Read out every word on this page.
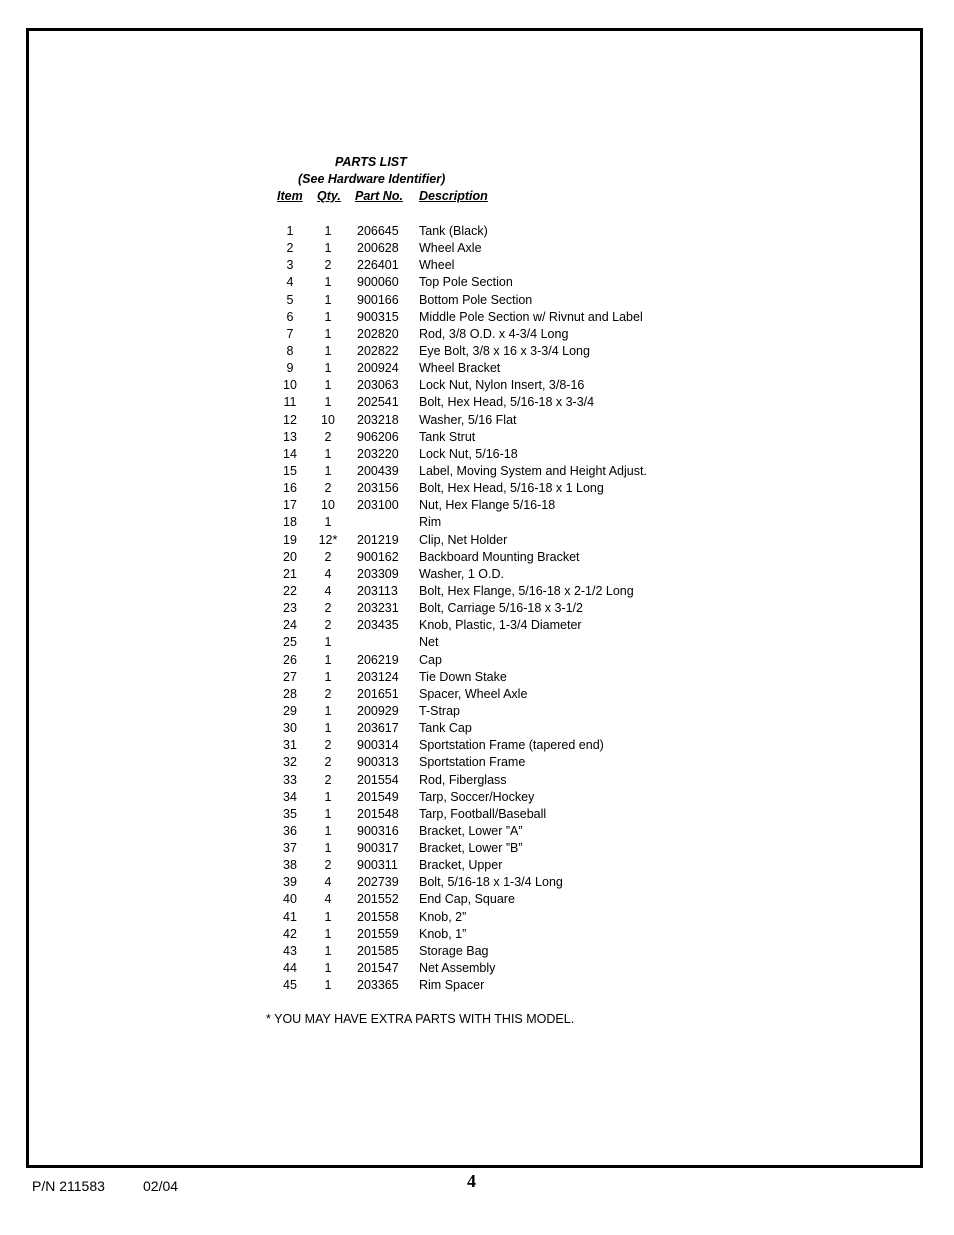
PARTS LIST
(See Hardware Identifier)
Item Qty. Part No. Description
1	1	206645 Tank (Black)
2	1	200628 Wheel Axle
3	2	226401 Wheel
4	1	900060 Top Pole Section
5	1	900166 Bottom Pole Section
6	1	900315 Middle Pole Section w/ Rivnut and Label
7	1	202820 Rod, 3/8 O.D. x 4-3/4 Long
8	1	202822 Eye Bolt, 3/8 x 16 x 3-3/4 Long
9	1	200924 Wheel Bracket
10	1	203063 Lock Nut, Nylon Insert, 3/8-16
11	1	202541 Bolt, Hex Head, 5/16-18 x 3-3/4
12	10	203218 Washer, 5/16 Flat
13	2	906206 Tank Strut
14	1	203220 Lock Nut, 5/16-18
15	1	200439 Label, Moving System and Height Adjust.
16	2	203156 Bolt, Hex Head, 5/16-18 x 1 Long
17	10	203100 Nut, Hex Flange 5/16-18
18	1	Rim
19	12*	201219 Clip, Net Holder
20	2	900162 Backboard Mounting Bracket
21	4	203309 Washer, 1 O.D.
22	4	203113 Bolt, Hex Flange, 5/16-18 x 2-1/2 Long
23	2	203231 Bolt, Carriage 5/16-18 x 3-1/2
24	2	203435 Knob, Plastic, 1-3/4 Diameter
25	1	Net
26	1	206219 Cap
27	1	203124 Tie Down Stake
28	2	201651 Spacer, Wheel Axle
29	1	200929 T-Strap
30	1	203617 Tank Cap
31	2	900314 Sportstation Frame (tapered end)
32	2	900313 Sportstation Frame
33	2	201554 Rod, Fiberglass
34	1	201549 Tarp, Soccer/Hockey
35	1	201548 Tarp, Football/Baseball
36	1	900316 Bracket, Lower ”A”
37	1	900317 Bracket, Lower ”B”
38	2	900311 Bracket, Upper
39	4	202739 Bolt, 5/16-18 x 1-3/4 Long
40	4	201552 End Cap, Square
41	1	201558 Knob, 2”
42	1	201559 Knob, 1”
43	1	201585 Storage Bag
44	1	201547 Net Assembly
45	1	203365 Rim Spacer
* YOU MAY HAVE EXTRA PARTS WITH THIS MODEL.
P/N 211583	02/04	4
